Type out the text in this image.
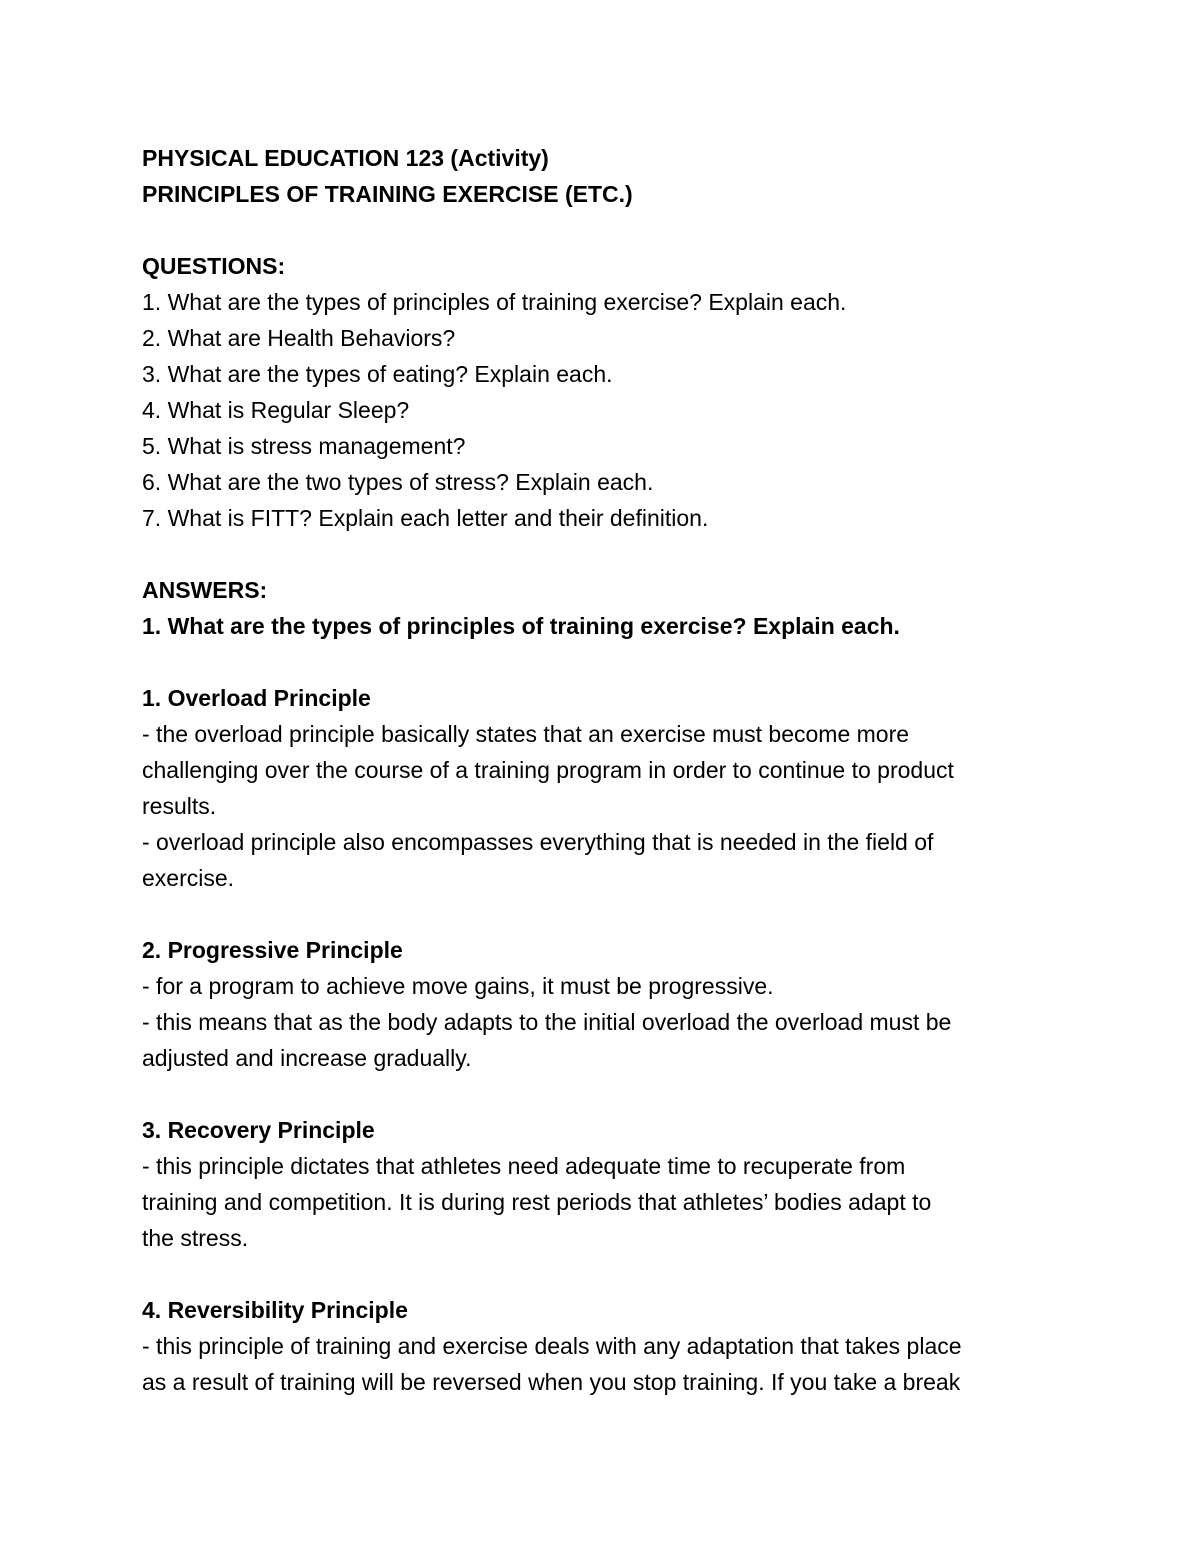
PHYSICAL EDUCATION 123 (Activity)
PRINCIPLES OF TRAINING EXERCISE (ETC.)
QUESTIONS:
1. What are the types of principles of training exercise? Explain each.
2. What are Health Behaviors?
3. What are the types of eating? Explain each.
4. What is Regular Sleep?
5. What is stress management?
6. What are the two types of stress? Explain each.
7. What is FITT? Explain each letter and their definition.
ANSWERS:
1. What are the types of principles of training exercise? Explain each.
1. Overload Principle
- the overload principle basically states that an exercise must become more
challenging over the course of a training program in order to continue to product
results.
- overload principle also encompasses everything that is needed in the field of
exercise.
2. Progressive Principle
- for a program to achieve move gains, it must be progressive.
- this means that as the body adapts to the initial overload the overload must be
adjusted and increase gradually.
3. Recovery Principle
- this principle dictates that athletes need adequate time to recuperate from
training and competition. It is during rest periods that athletes’ bodies adapt to
the stress.
4. Reversibility Principle
- this principle of training and exercise deals with any adaptation that takes place
as a result of training will be reversed when you stop training. If you take a break
